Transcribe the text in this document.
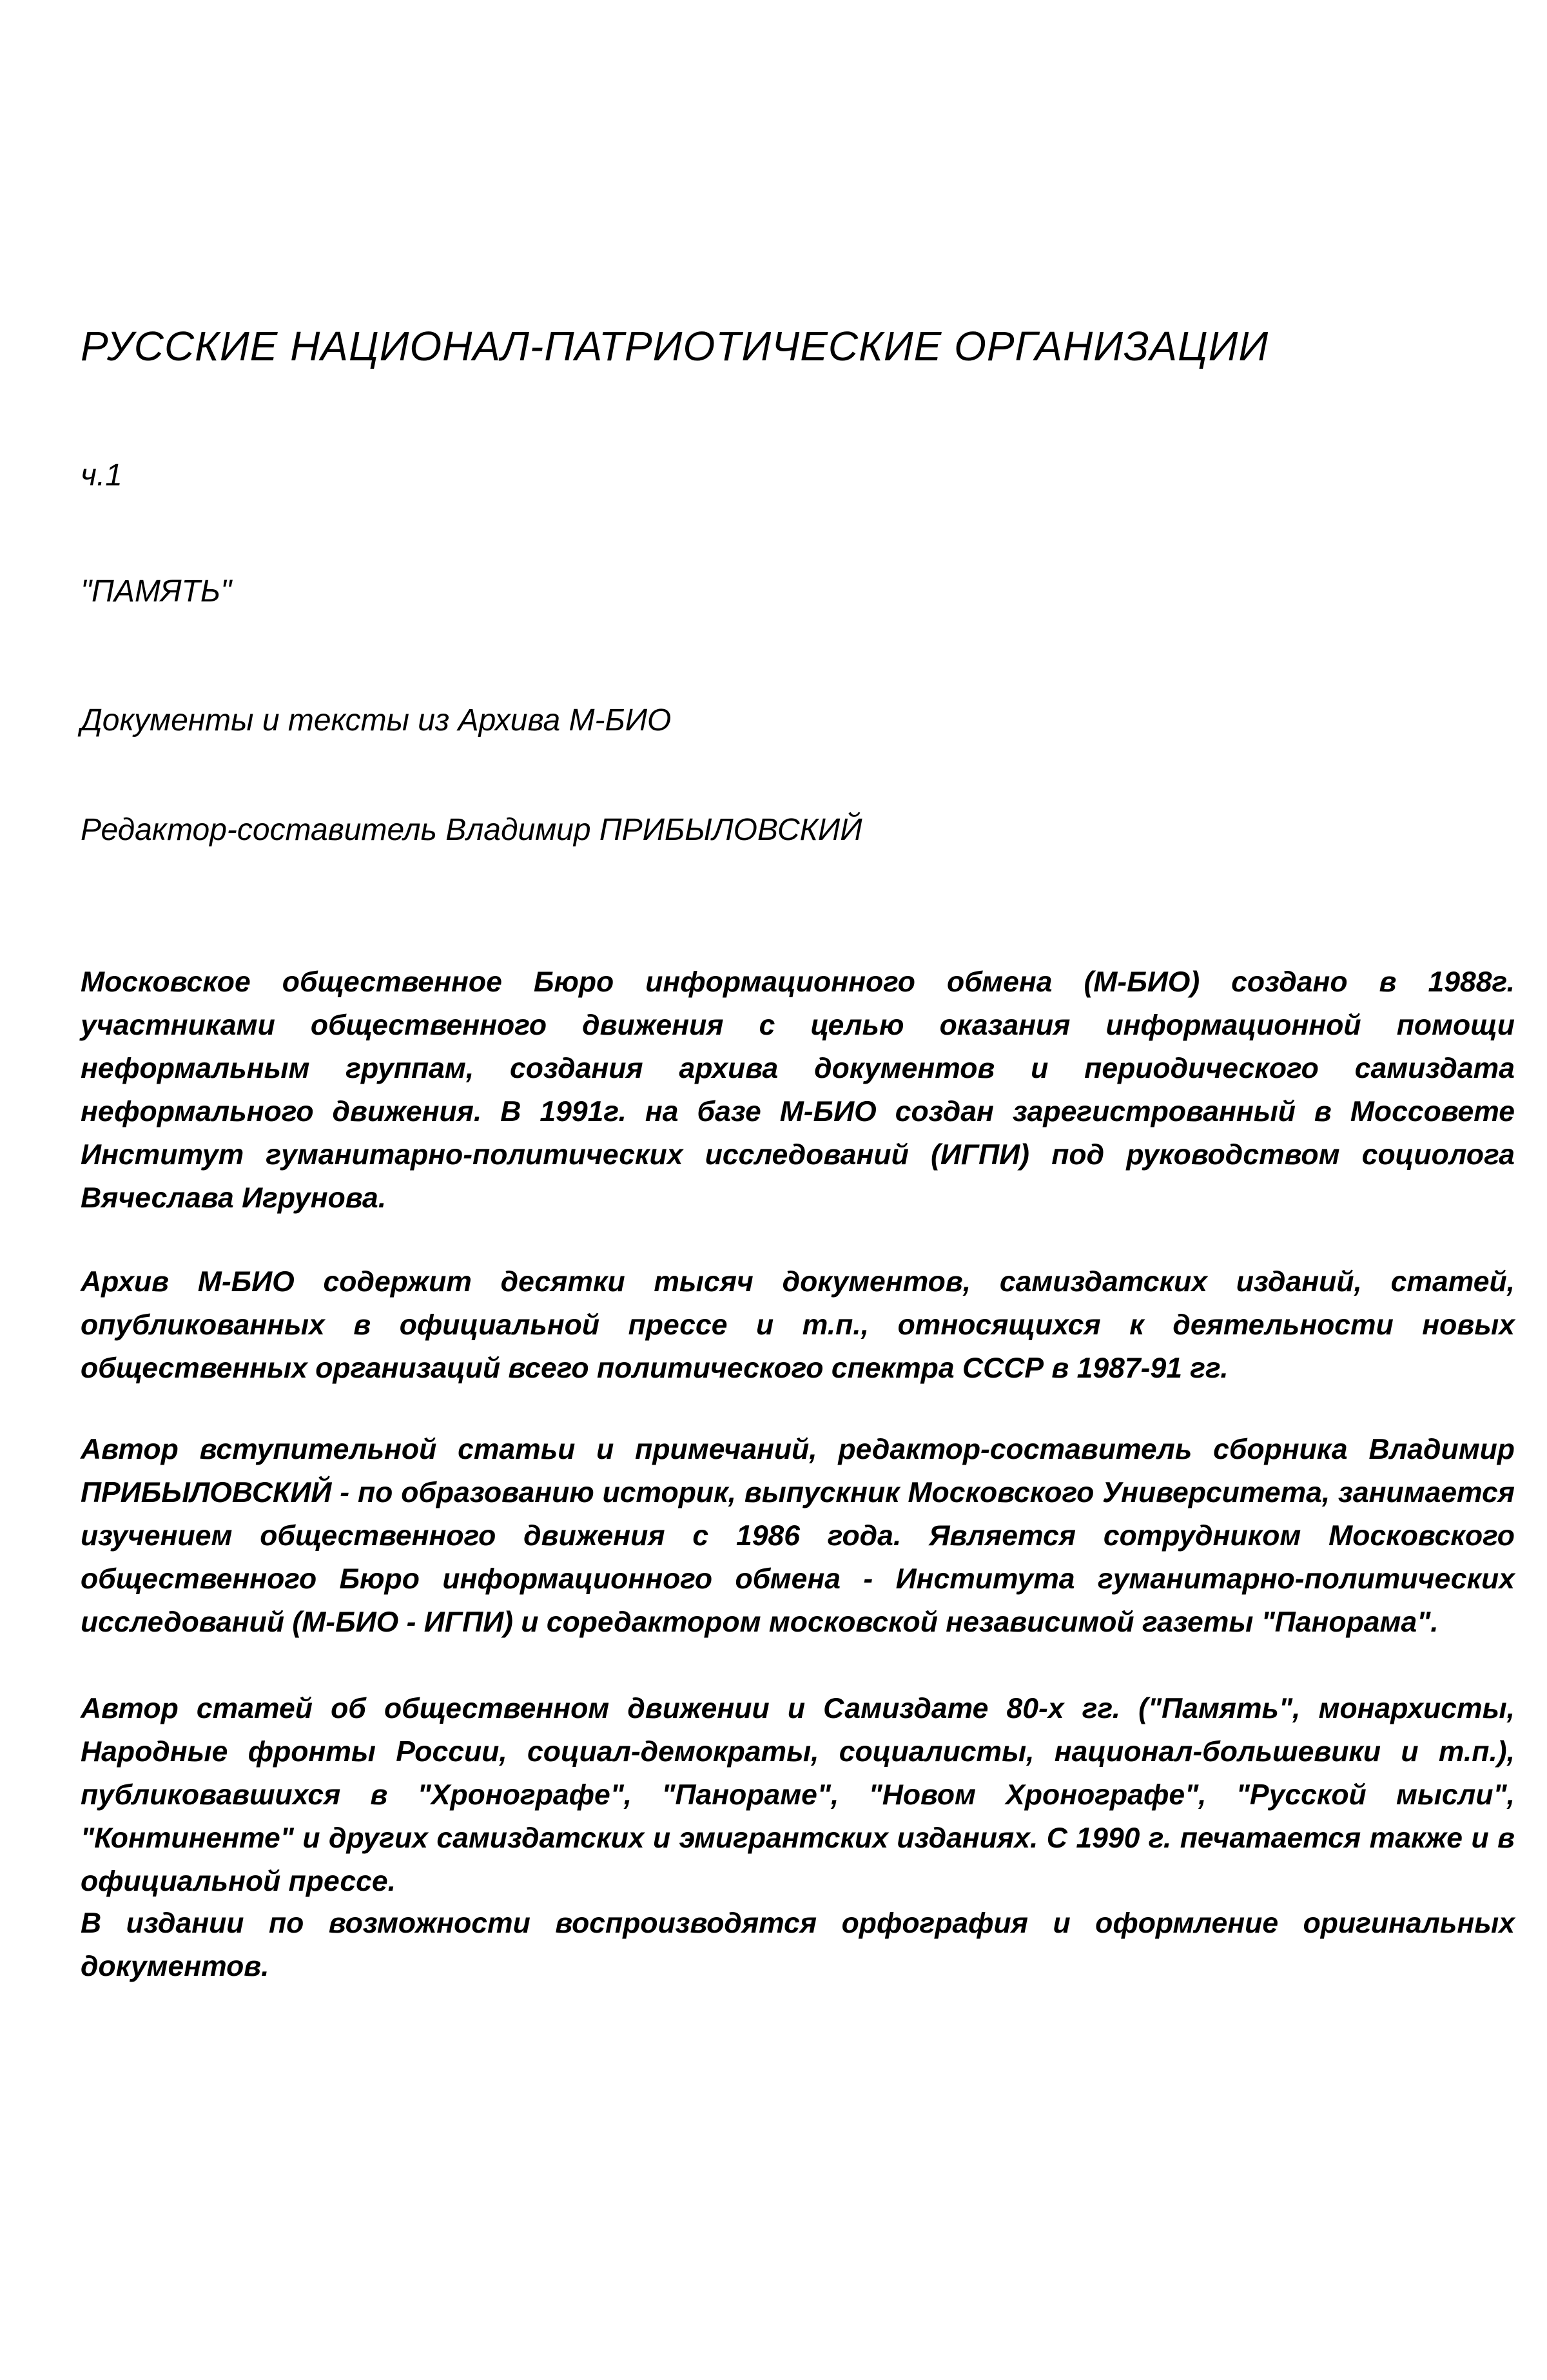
РУССКИЕ НАЦИОНАЛ-ПАТРИОТИЧЕСКИЕ ОРГАНИЗАЦИИ
ч.1
"ПАМЯТЬ"
Документы и тексты из Архива М-БИО
Редактор-составитель Владимир ПРИБЫЛОВСКИЙ

Московское общественное Бюро информационного обмена (М-БИО) создано в 1988г. участниками общественного движения с целью оказания информационной помощи неформальным группам, создания архива документов и периодического самиздата неформального движения. В 1991г. на базе М-БИО создан зарегистрованный в Моссовете Институт гуманитарно-политических исследований (ИГПИ) под руководством социолога Вячеслава Игрунова.

Архив М-БИО содержит десятки тысяч документов, самиздатских изданий, статей, опубликованных в официальной прессе и т.п., относящихся к деятельности новых общественных организаций всего политического спектра СССР в 1987-91 гг.

Автор вступительной статьи и примечаний, редактор-составитель сборника Владимир ПРИБЫЛОВСКИЙ - по образованию историк, выпускник Московского Университета, занимается изучением общественного движения с 1986 года. Является сотрудником Московского общественного Бюро информационного обмена - Института гуманитарно-политических исследований (М-БИО - ИГПИ) и соредактором московской независимой газеты "Панорама".

Автор статей об общественном движении и Самиздате 80-х гг. ("Память", монархисты, Народные фронты России, социал-демократы, социалисты, национал-большевики и т.п.), публиковавшихся в "Хронографе", "Панораме", "Новом Хронографе", "Русской мысли", "Континенте" и других самиздатских и эмигрантских изданиях. С 1990 г. печатается также и в официальной прессе.

В издании по возможности воспроизводятся орфография и оформление оригинальных документов.
